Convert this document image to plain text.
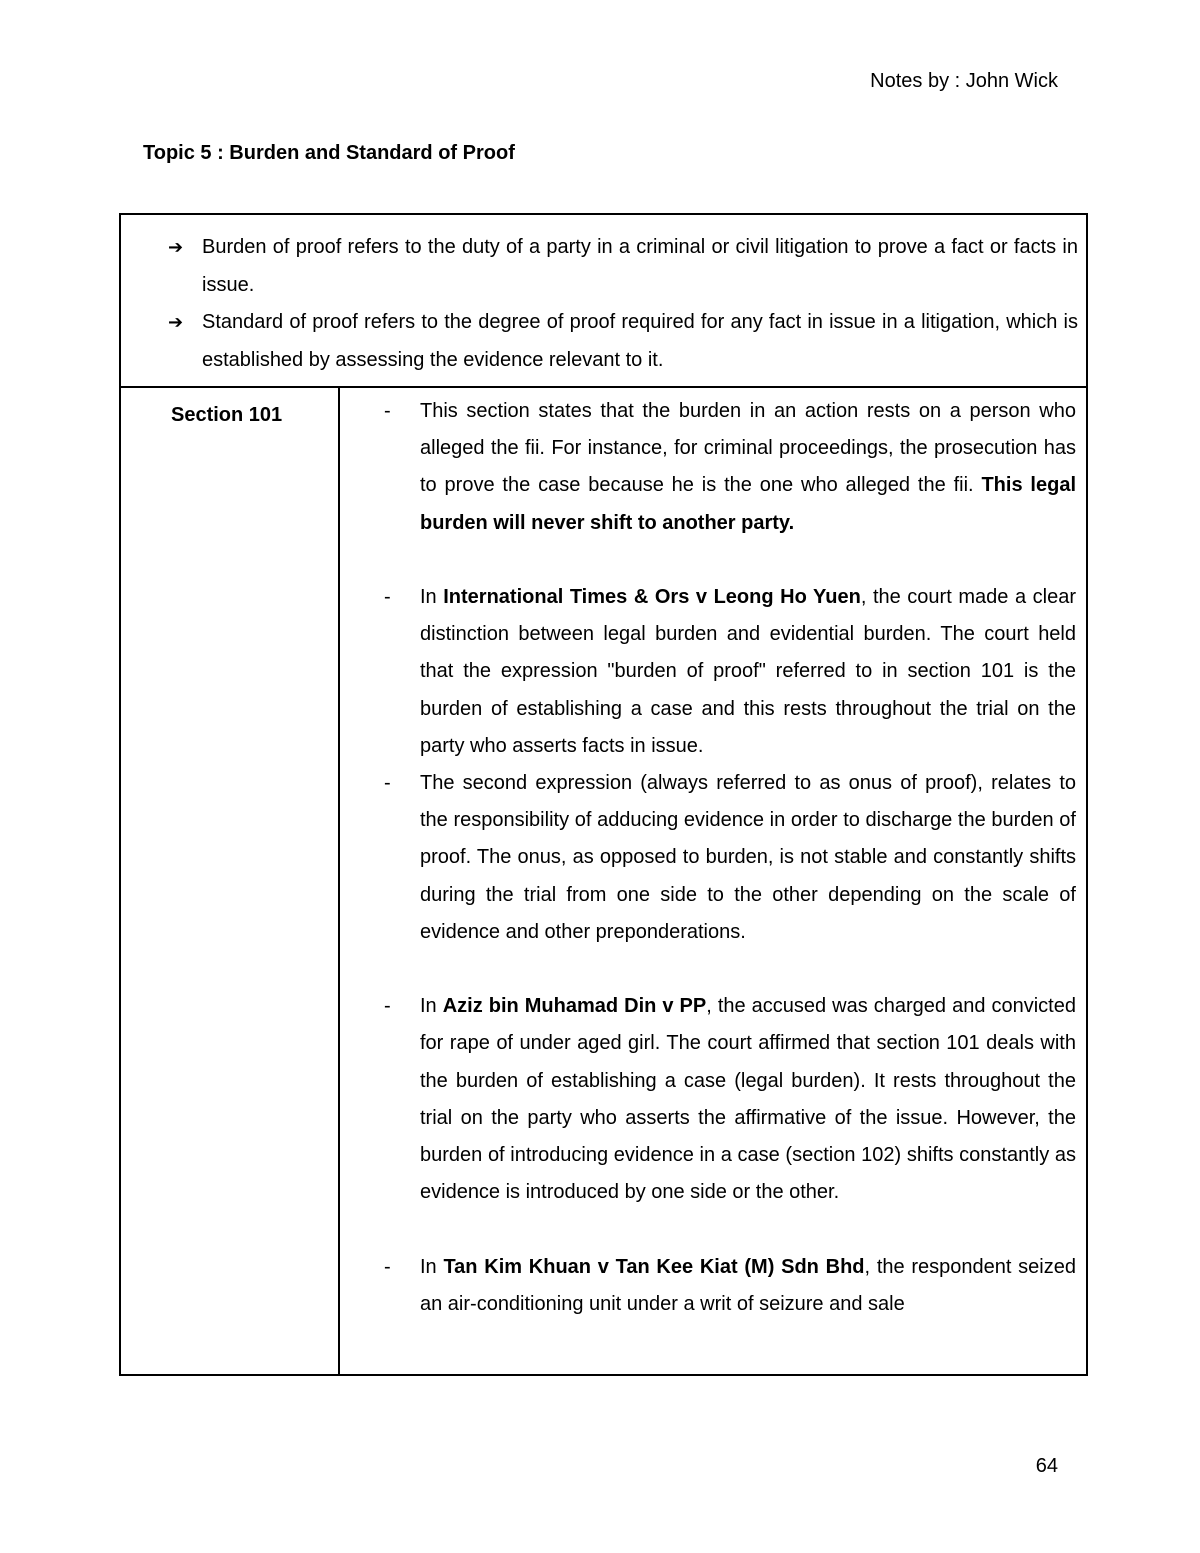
Notes by : John Wick
Topic 5 : Burden and Standard of Proof
➔ Burden of proof refers to the duty of a party in a criminal or civil litigation to prove a fact or facts in issue.
➔ Standard of proof refers to the degree of proof required for any fact in issue in a litigation, which is established by assessing the evidence relevant to it.
Section 101	- This section states that the burden in an action rests on a person who alleged the fii. For instance, for criminal proceedings, the prosecution has to prove the case because he is the one who alleged the fii. This legal burden will never shift to another party.
- In International Times & Ors v Leong Ho Yuen, the court made a clear distinction between legal burden and evidential burden. The court held that the expression "burden of proof" referred to in section 101 is the burden of establishing a case and this rests throughout the trial on the party who asserts facts in issue.
- The second expression (always referred to as onus of proof), relates to the responsibility of adducing evidence in order to discharge the burden of proof. The onus, as opposed to burden, is not stable and constantly shifts during the trial from one side to the other depending on the scale of evidence and other preponderations.
- In Aziz bin Muhamad Din v PP, the accused was charged and convicted for rape of under aged girl. The court affirmed that section 101 deals with the burden of establishing a case (legal burden). It rests throughout the trial on the party who asserts the affirmative of the issue. However, the burden of introducing evidence in a case (section 102) shifts constantly as evidence is introduced by one side or the other.
- In Tan Kim Khuan v Tan Kee Kiat (M) Sdn Bhd, the respondent seized an air-conditioning unit under a writ of seizure and sale
64
